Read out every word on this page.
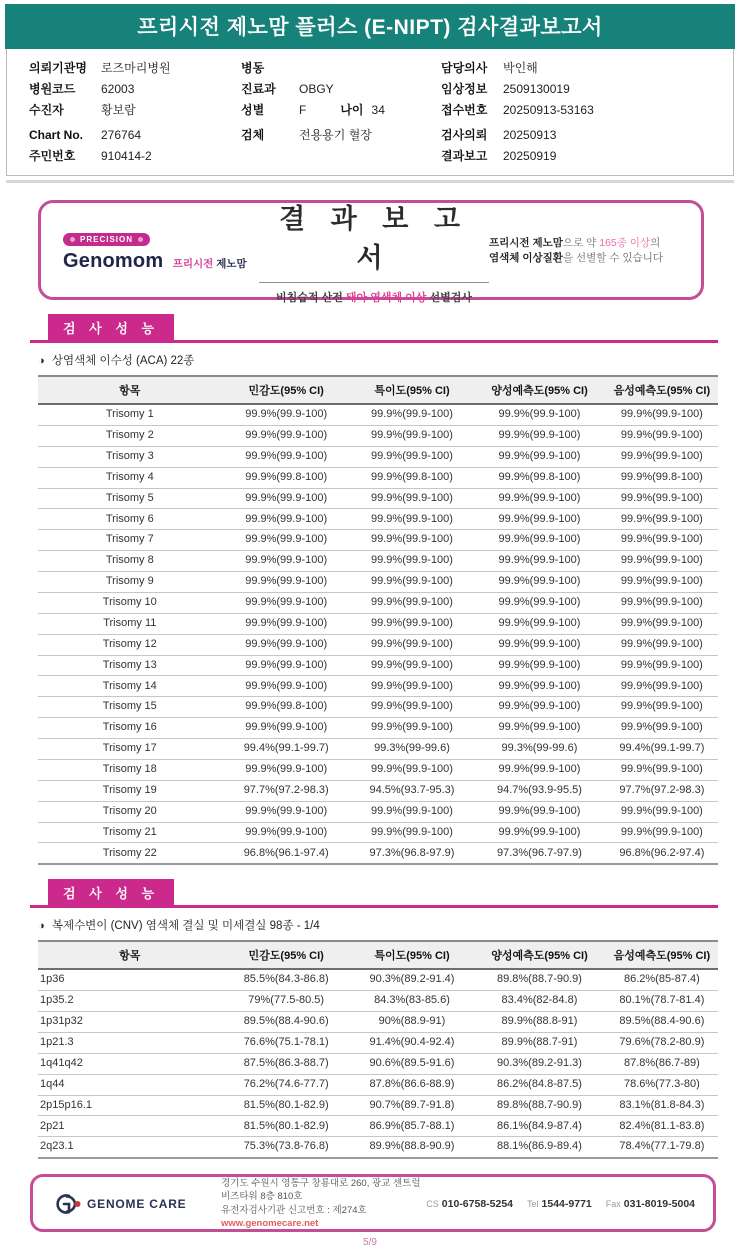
프리시전 제노맘 플러스 (E-NIPT) 검사결과보고서
의뢰기관명	로즈마리병원
병원코드	62003
수진자	황보람
Chart No.	276764
주민번호	910414-2
병동
진료과	OBGY
성별	F	나이 34
검체	전용용기 혈장
담당의사	박인해
임상정보	2509130019
접수번호	20250913-53163
검사의뢰	20250913
결과보고	20250919
PRECISION
Genomom 프리시전 제노맘
결 과 보 고 서
비침습적 산전 태아 염색체 이상 선별검사
프리시전 제노맘으로 약 165종 이상의
염색체 이상질환을 선별할 수 있습니다
검 사 성 능
◑ 상염색체 이수성 (ACA) 22종
항목	민감도(95% CI)	특이도(95% CI)	양성예측도(95% CI)	음성예측도(95% CI)
Trisomy 1	99.9%(99.9-100)	99.9%(99.9-100)	99.9%(99.9-100)	99.9%(99.9-100)
Trisomy 2	99.9%(99.9-100)	99.9%(99.9-100)	99.9%(99.9-100)	99.9%(99.9-100)
Trisomy 3	99.9%(99.9-100)	99.9%(99.9-100)	99.9%(99.9-100)	99.9%(99.9-100)
Trisomy 4	99.9%(99.8-100)	99.9%(99.8-100)	99.9%(99.8-100)	99.9%(99.8-100)
Trisomy 5	99.9%(99.9-100)	99.9%(99.9-100)	99.9%(99.9-100)	99.9%(99.9-100)
Trisomy 6	99.9%(99.9-100)	99.9%(99.9-100)	99.9%(99.9-100)	99.9%(99.9-100)
Trisomy 7	99.9%(99.9-100)	99.9%(99.9-100)	99.9%(99.9-100)	99.9%(99.9-100)
Trisomy 8	99.9%(99.9-100)	99.9%(99.9-100)	99.9%(99.9-100)	99.9%(99.9-100)
Trisomy 9	99.9%(99.9-100)	99.9%(99.9-100)	99.9%(99.9-100)	99.9%(99.9-100)
Trisomy 10	99.9%(99.9-100)	99.9%(99.9-100)	99.9%(99.9-100)	99.9%(99.9-100)
Trisomy 11	99.9%(99.9-100)	99.9%(99.9-100)	99.9%(99.9-100)	99.9%(99.9-100)
Trisomy 12	99.9%(99.9-100)	99.9%(99.9-100)	99.9%(99.9-100)	99.9%(99.9-100)
Trisomy 13	99.9%(99.9-100)	99.9%(99.9-100)	99.9%(99.9-100)	99.9%(99.9-100)
Trisomy 14	99.9%(99.9-100)	99.9%(99.9-100)	99.9%(99.9-100)	99.9%(99.9-100)
Trisomy 15	99.9%(99.8-100)	99.9%(99.9-100)	99.9%(99.9-100)	99.9%(99.9-100)
Trisomy 16	99.9%(99.9-100)	99.9%(99.9-100)	99.9%(99.9-100)	99.9%(99.9-100)
Trisomy 17	99.4%(99.1-99.7)	99.3%(99-99.6)	99.3%(99-99.6)	99.4%(99.1-99.7)
Trisomy 18	99.9%(99.9-100)	99.9%(99.9-100)	99.9%(99.9-100)	99.9%(99.9-100)
Trisomy 19	97.7%(97.2-98.3)	94.5%(93.7-95.3)	94.7%(93.9-95.5)	97.7%(97.2-98.3)
Trisomy 20	99.9%(99.9-100)	99.9%(99.9-100)	99.9%(99.9-100)	99.9%(99.9-100)
Trisomy 21	99.9%(99.9-100)	99.9%(99.9-100)	99.9%(99.9-100)	99.9%(99.9-100)
Trisomy 22	96.8%(96.1-97.4)	97.3%(96.8-97.9)	97.3%(96.7-97.9)	96.8%(96.2-97.4)
검 사 성 능
◑ 복제수변이 (CNV) 염색체 결실 및 미세결실 98종 - 1/4
항목	민감도(95% CI)	특이도(95% CI)	양성예측도(95% CI)	음성예측도(95% CI)
1p36	85.5%(84.3-86.8)	90.3%(89.2-91.4)	89.8%(88.7-90.9)	86.2%(85-87.4)
1p35.2	79%(77.5-80.5)	84.3%(83-85.6)	83.4%(82-84.8)	80.1%(78.7-81.4)
1p31p32	89.5%(88.4-90.6)	90%(88.9-91)	89.9%(88.8-91)	89.5%(88.4-90.6)
1p21.3	76.6%(75.1-78.1)	91.4%(90.4-92.4)	89.9%(88.7-91)	79.6%(78.2-80.9)
1q41q42	87.5%(86.3-88.7)	90.6%(89.5-91.6)	90.3%(89.2-91.3)	87.8%(86.7-89)
1q44	76.2%(74.6-77.7)	87.8%(86.6-88.9)	86.2%(84.8-87.5)	78.6%(77.3-80)
2p15p16.1	81.5%(80.1-82.9)	90.7%(89.7-91.8)	89.8%(88.7-90.9)	83.1%(81.8-84.3)
2p21	81.5%(80.1-82.9)	86.9%(85.7-88.1)	86.1%(84.9-87.4)	82.4%(81.1-83.8)
2q23.1	75.3%(73.8-76.8)	89.9%(88.8-90.9)	88.1%(86.9-89.4)	78.4%(77.1-79.8)
GENOME CARE
경기도 수원시 영통구 창룡대로 260, 광교 센트럴비즈타워 8층 810호
유전자검사기관 신고번호 : 제274호
www.genomecare.net
CS 010-6758-5254 Tel 1544-9771 Fax 031-8019-5004
5/9
